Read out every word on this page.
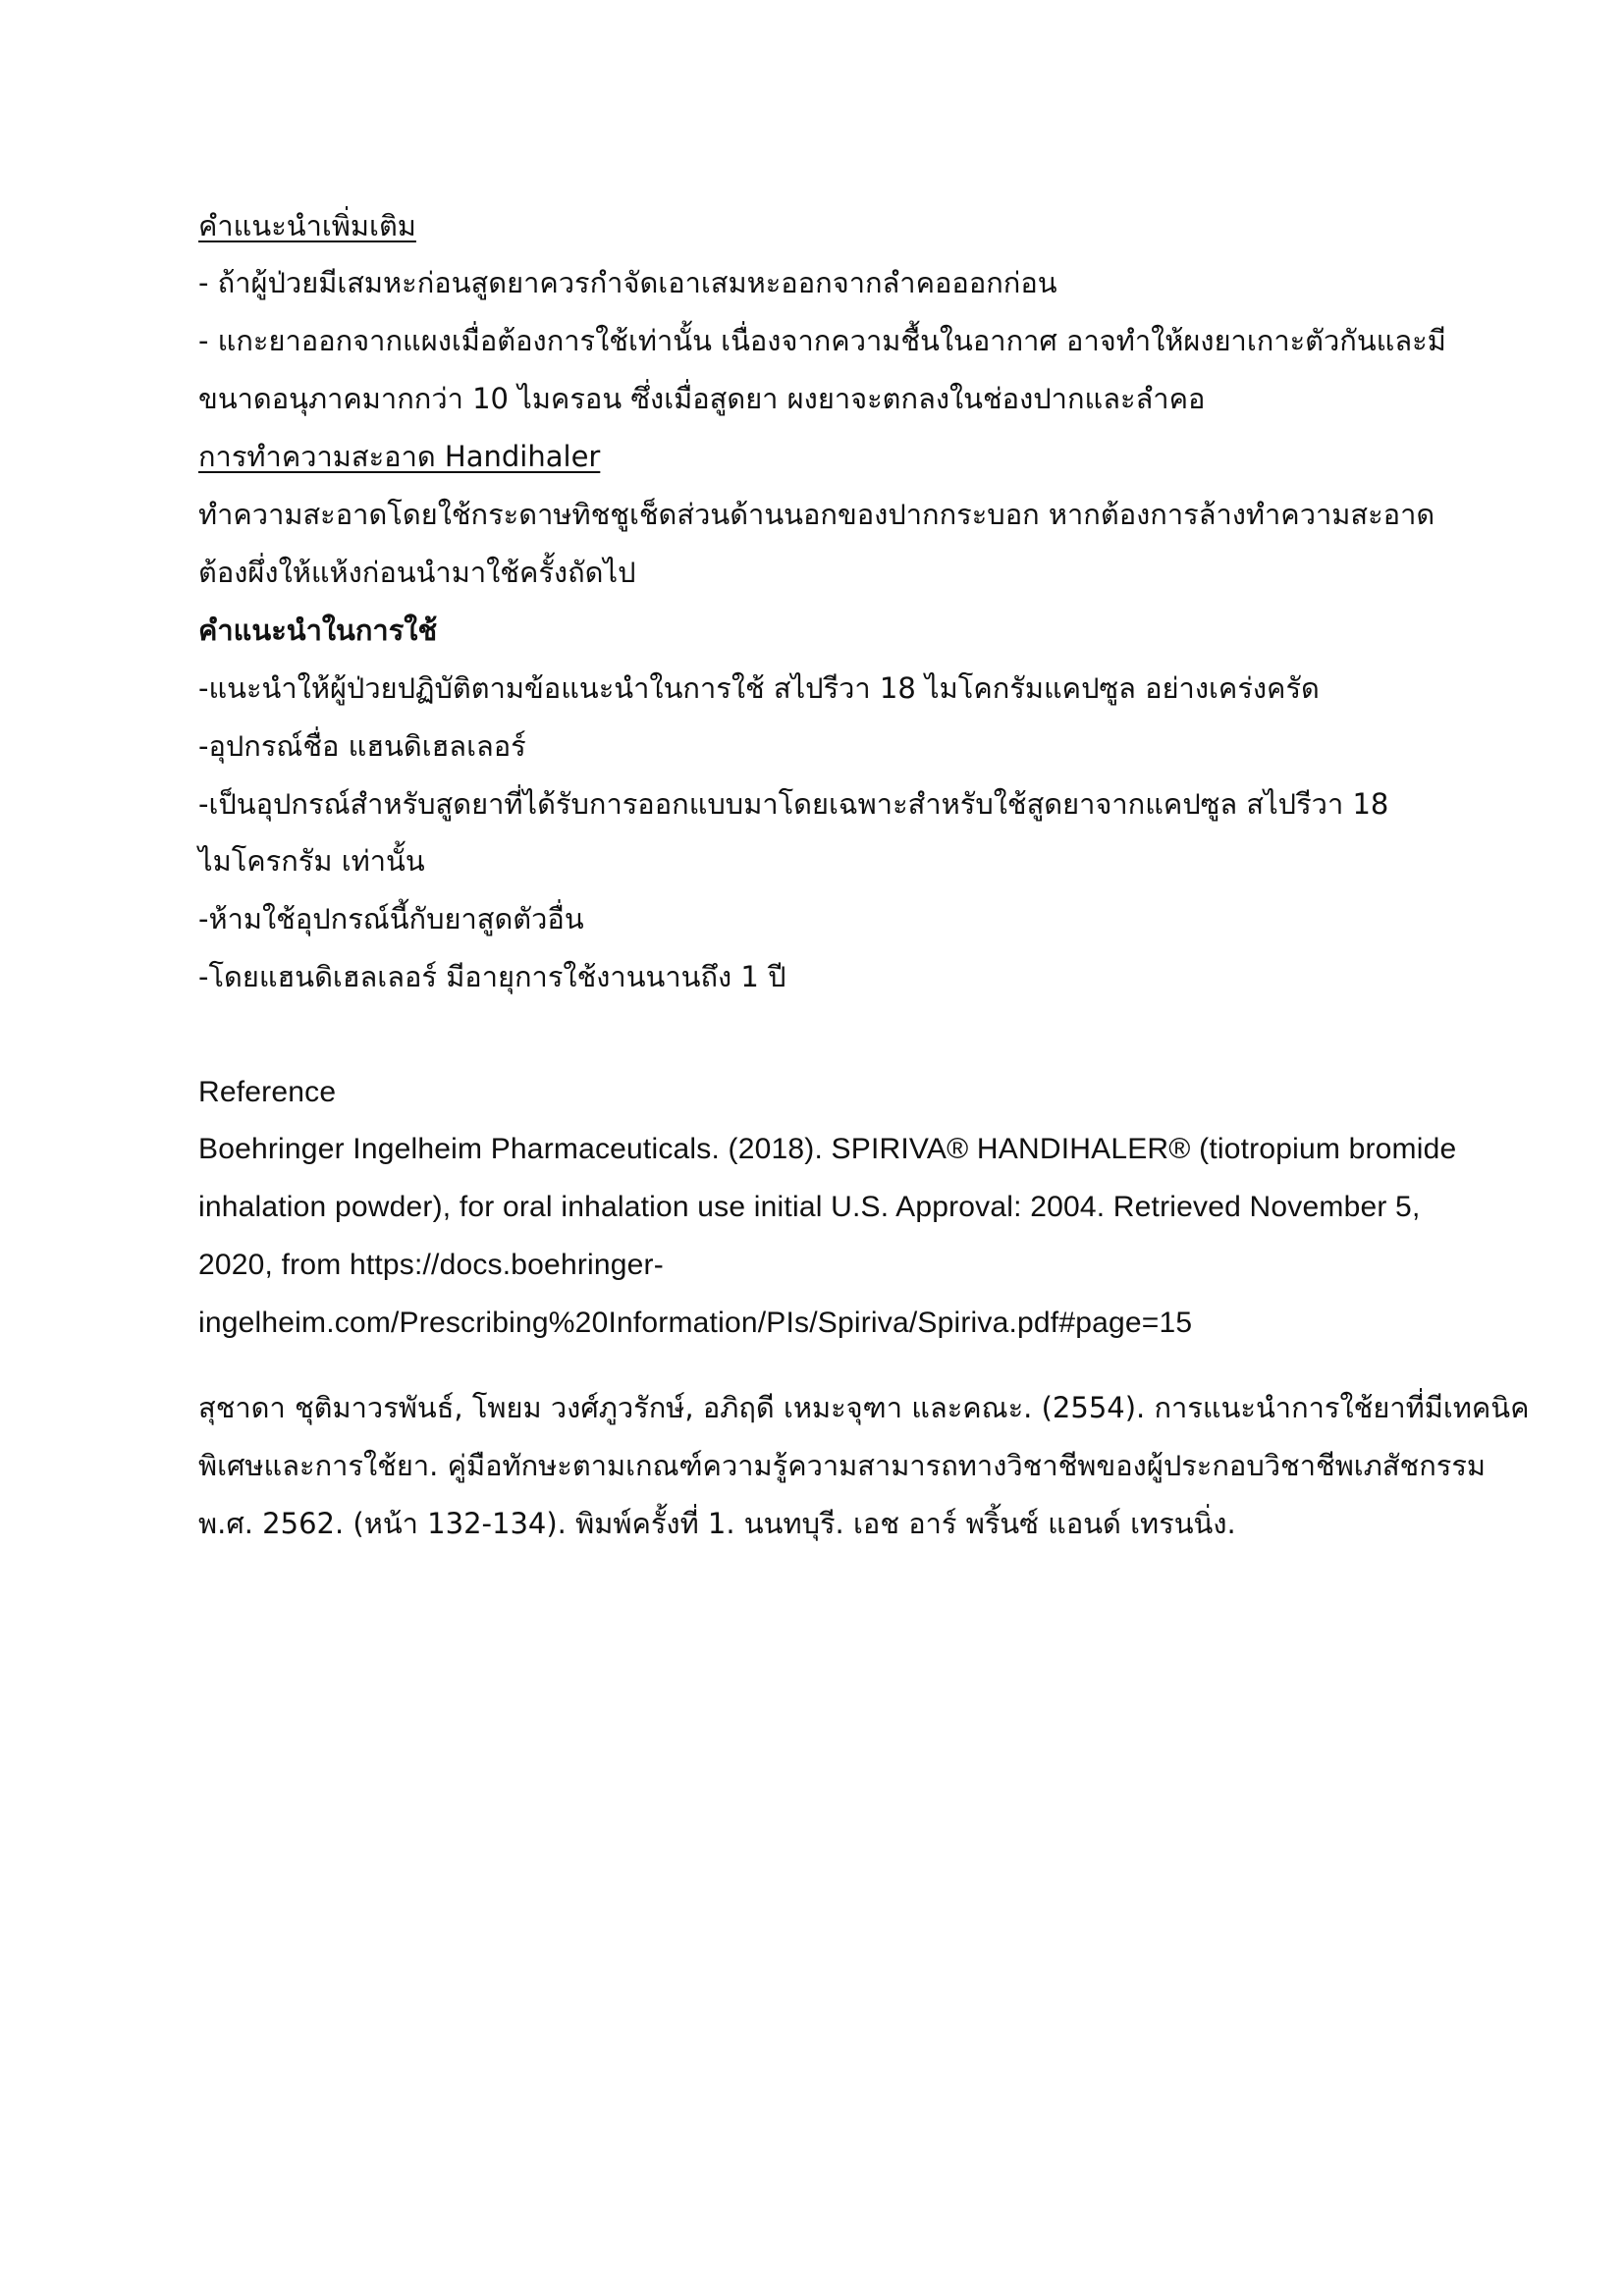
คำแนะนำเพิ่มเติม
- ถ้าผู้ป่วยมีเสมหะก่อนสูดยาควรกำจัดเอาเสมหะออกจากลำคอออกก่อน
- แกะยาออกจากแผงเมื่อต้องการใช้เท่านั้น เนื่องจากความชื้นในอากาศ อาจทำให้ผงยาเกาะตัวกันและมี
ขนาดอนุภาคมากกว่า 10 ไมครอน ซึ่งเมื่อสูดยา ผงยาจะตกลงในช่องปากและลำคอ
การทำความสะอาด Handihaler
ทำความสะอาดโดยใช้กระดาษทิชชูเช็ดส่วนด้านนอกของปากกระบอก หากต้องการล้างทำความสะอาด
ต้องผึ่งให้แห้งก่อนนำมาใช้ครั้งถัดไป
คำแนะนำในการใช้
-แนะนำให้ผู้ป่วยปฏิบัติตามข้อแนะนำในการใช้ สไปรีวา 18 ไมโคกรัมแคปซูล อย่างเคร่งครัด
-อุปกรณ์ชื่อ แฮนดิเฮลเลอร์
-เป็นอุปกรณ์สำหรับสูดยาที่ได้รับการออกแบบมาโดยเฉพาะสำหรับใช้สูดยาจากแคปซูล สไปรีวา 18
ไมโครกรัม เท่านั้น
-ห้ามใช้อุปกรณ์นี้กับยาสูดตัวอื่น
-โดยแฮนดิเฮลเลอร์ มีอายุการใช้งานนานถึง 1 ปี
Reference
Boehringer Ingelheim Pharmaceuticals. (2018). SPIRIVA® HANDIHALER® (tiotropium bromide
inhalation powder), for oral inhalation use initial U.S. Approval: 2004. Retrieved November 5,
2020, from https://docs.boehringer-
ingelheim.com/Prescribing%20Information/PIs/Spiriva/Spiriva.pdf#page=15
สุชาดา ชุติมาวรพันธ์, โพยม วงศ์ภูวรักษ์, อภิฤดี เหมะจุฑา และคณะ. (2554). การแนะนำการใช้ยาที่มีเทคนิค
พิเศษและการใช้ยา. คู่มือทักษะตามเกณฑ์ความรู้ความสามารถทางวิชาชีพของผู้ประกอบวิชาชีพเภสัชกรรม
พ.ศ. 2562. (หน้า 132-134). พิมพ์ครั้งที่ 1. นนทบุรี. เอช อาร์ พริ้นซ์ แอนด์ เทรนนิ่ง.
